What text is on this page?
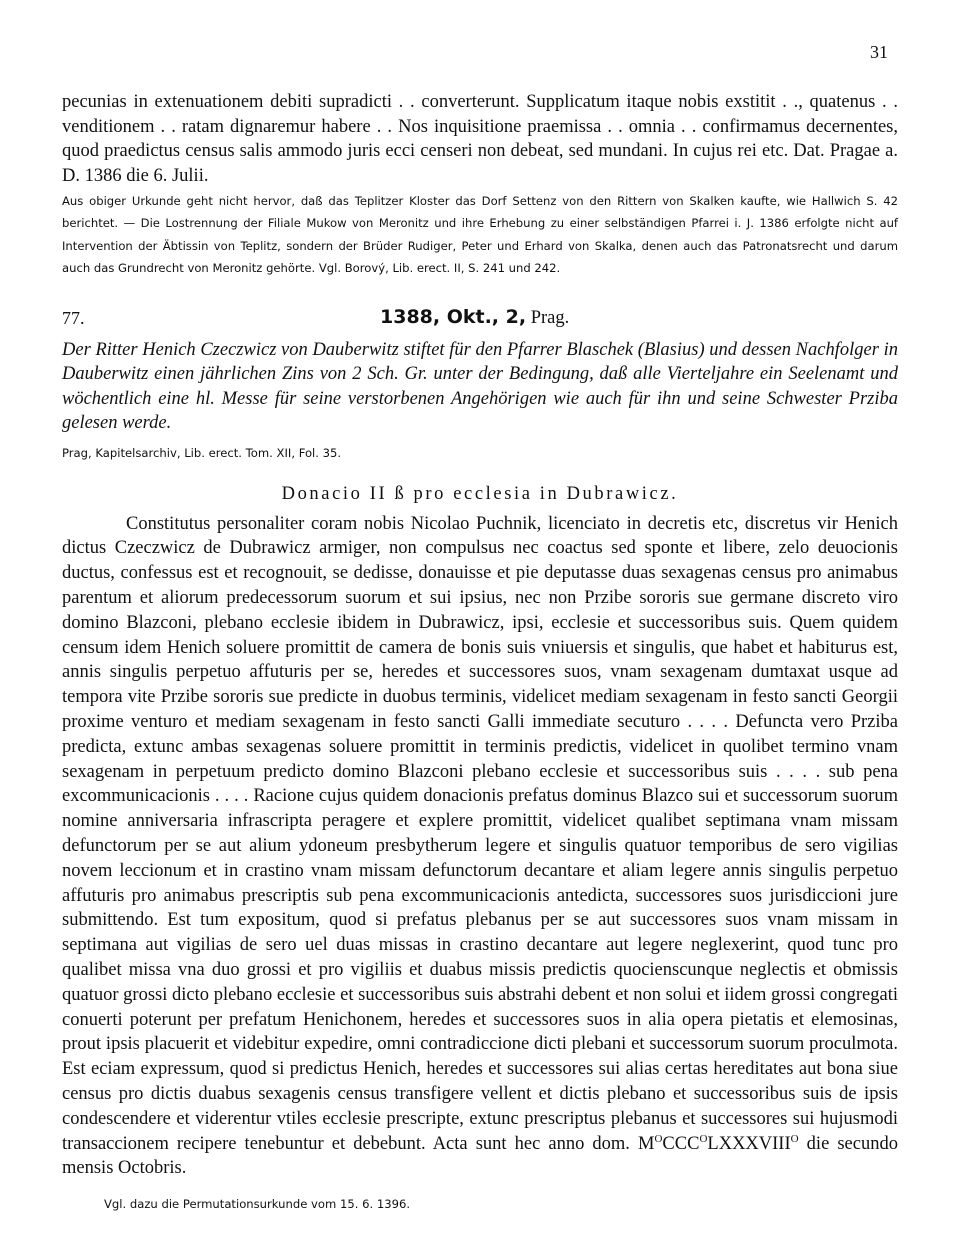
31

pecunias in extenuationem debiti supradicti . . converterunt. Supplicatum itaque nobis exstitit . ., quatenus . . venditionem . . ratam dignaremur habere . . Nos inquisitione praemissa . . omnia . . confirmamus decernentes, quod praedictus census salis ammodo juris ecci censeri non debeat, sed mundani. In cujus rei etc. Dat. Pragae a. D. 1386 die 6. Julii.

Aus obiger Urkunde geht nicht hervor, daß das Teplitzer Kloster das Dorf Settenz von den Rittern von Skalken kaufte, wie Hallwich S. 42 berichtet. — Die Lostrennung der Filiale Mukow von Meronitz und ihre Erhebung zu einer selbständigen Pfarrei i. J. 1386 erfolgte nicht auf Intervention der Äbtissin von Teplitz, sondern der Brüder Rudiger, Peter und Erhard von Skalka, denen auch das Patronatsrecht und darum auch das Grundrecht von Meronitz gehörte. Vgl. Borový, Lib. erect. II, S. 241 und 242.

77.	1388, Okt., 2, Prag.

Der Ritter Henich Czeczwicz von Dauberwitz stiftet für den Pfarrer Blaschek (Blasius) und dessen Nachfolger in Dauberwitz einen jährlichen Zins von 2 Sch. Gr. unter der Bedingung, daß alle Vierteljahre ein Seelenamt und wöchentlich eine hl. Messe für seine verstorbenen Angehörigen wie auch für ihn und seine Schwester Prziba gelesen werde.

Prag, Kapitelsarchiv, Lib. erect. Tom. XII, Fol. 35.

Donacio II ß pro ecclesia in Dubrawicz.

Constitutus personaliter coram nobis Nicolao Puchnik, licenciato in decretis etc, discretus vir Henich dictus Czeczwicz de Dubrawicz armiger, non compulsus nec coactus sed sponte et libere, zelo deuocionis ductus, confessus est et recognouit, se dedisse, donauisse et pie deputasse duas sexagenas census pro animabus parentum et aliorum predecessorum suorum et sui ipsius, nec non Przibe sororis sue germane discreto viro domino Blazconi, plebano ecclesie ibidem in Dubrawicz, ipsi, ecclesie et successoribus suis. Quem quidem censum idem Henich soluere promittit de camera de bonis suis vniuersis et singulis, que habet et habiturus est, annis singulis perpetuo affuturis per se, heredes et successores suos, vnam sexagenam dumtaxat usque ad tempora vite Przibe sororis sue predicte in duobus terminis, videlicet mediam sexagenam in festo sancti Georgii proxime venturo et mediam sexagenam in festo sancti Galli immediate secuturo . . . . Defuncta vero Prziba predicta, extunc ambas sexagenas soluere promittit in terminis predictis, videlicet in quolibet termino vnam sexagenam in perpetuum predicto domino Blazconi plebano ecclesie et successoribus suis . . . . sub pena excommunicacionis . . . . Racione cujus quidem donacionis prefatus dominus Blazco sui et successorum suorum nomine anniversaria infrascripta peragere et explere promittit, videlicet qualibet septimana vnam missam defunctorum per se aut alium ydoneum presbytherum legere et singulis quatuor temporibus de sero vigilias novem leccionum et in crastino vnam missam defunctorum decantare et aliam legere annis singulis perpetuo affuturis pro animabus prescriptis sub pena excommunicacionis antedicta, successores suos jurisdiccioni jure submittendo. Est tum expositum, quod si prefatus plebanus per se aut successores suos vnam missam in septimana aut vigilias de sero uel duas missas in crastino decantare aut legere neglexerint, quod tunc pro qualibet missa vna duo grossi et pro vigiliis et duabus missis predictis quocienscunque neglectis et obmissis quatuor grossi dicto plebano ecclesie et successoribus suis abstrahi debent et non solui et iidem grossi congregati conuerti poterunt per prefatum Henichonem, heredes et successores suos in alia opera pietatis et elemosinas, prout ipsis placuerit et videbitur expedire, omni contradiccione dicti plebani et successorum suorum proculmota. Est eciam expressum, quod si predictus Henich, heredes et successores sui alias certas hereditates aut bona siue census pro dictis duabus sexagenis census transfigere vellent et dictis plebano et successoribus suis de ipsis condescendere et viderentur vtiles ecclesie prescripte, extunc prescriptus plebanus et successores sui hujusmodi transaccionem recipere tenebuntur et debebunt. Acta sunt hec anno dom. $M^OCCC^OLXXXVIII^O$ die secundo mensis Octobris.

Vgl. dazu die Permutationsurkunde vom 15. 6. 1396.
